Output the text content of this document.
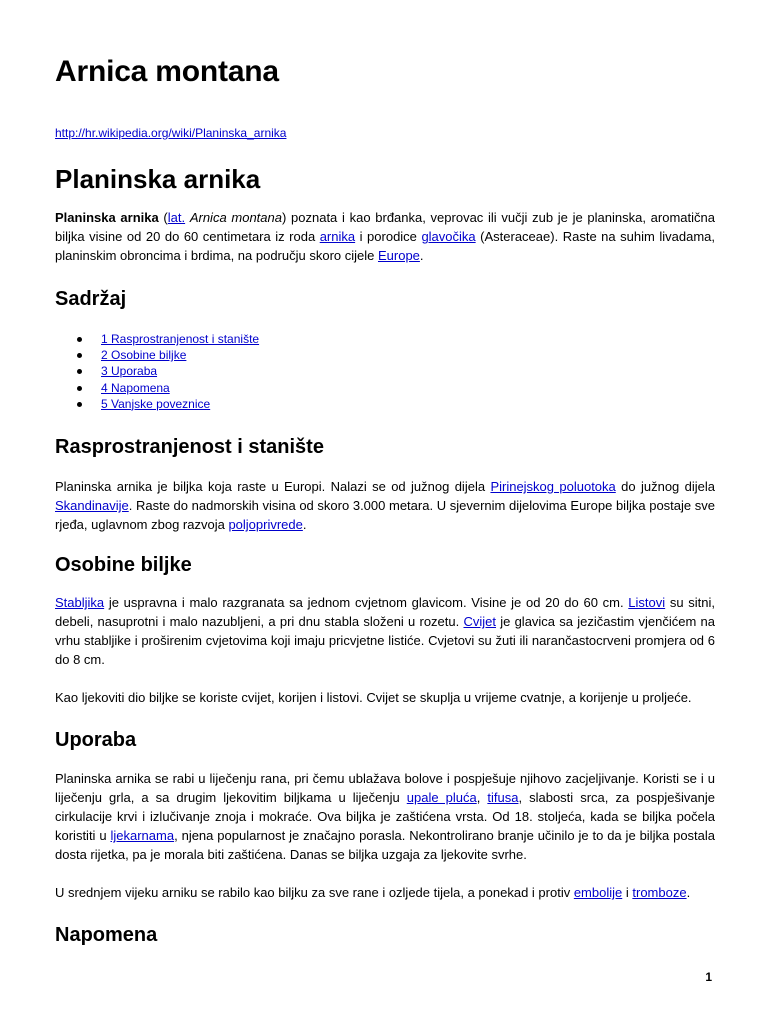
Arnica montana
http://hr.wikipedia.org/wiki/Planinska_arnika
Planinska arnika

Planinska arnika (lat. Arnica montana) poznata i kao brđanka, veprovac ili vučji zub je je planinska, aromatična biljka visine od 20 do 60 centimetara iz roda arnika i porodice glavočika (Asteraceae). Raste na suhim livadama, planinskim obroncima i brdima, na području skoro cijele Europe.

Sadržaj
1 Rasprostranjenost i stanište
2 Osobine biljke
3 Uporaba
4 Napomena
5 Vanjske poveznice
Rasprostranjenost i stanište

Planinska arnika je biljka koja raste u Europi. Nalazi se od južnog dijela Pirinejskog poluotoka do južnog dijela Skandinavije. Raste do nadmorskih visina od skoro 3.000 metara. U sjevernim dijelovima Europe biljka postaje sve rjeđa, uglavnom zbog razvoja poljoprivrede.

Osobine biljke

Stabljika je uspravna i malo razgranata sa jednom cvjetnom glavicom. Visine je od 20 do 60 cm. Listovi su sitni, debeli, nasuprotni i malo nazubljeni, a pri dnu stabla složeni u rozetu. Cvijet je glavica sa jezičastim vjenčićem na vrhu stabljike i proširenim cvjetovima koji imaju pricvjetne listiće. Cvjetovi su žuti ili narančastocrveni promjera od 6 do 8 cm.

Kao ljekoviti dio biljke se koriste cvijet, korijen i listovi. Cvijet se skuplja u vrijeme cvatnje, a korijenje u proljeće.

Uporaba

Planinska arnika se rabi u liječenju rana, pri čemu ublažava bolove i pospješuje njihovo zacjeljivanje. Koristi se i u liječenju grla, a sa drugim ljekovitim biljkama u liječenju upale pluća, tifusa, slabosti srca, za pospješivanje cirkulacije krvi i izlučivanje znoja i mokraće. Ova biljka je zaštićena vrsta. Od 18. stoljeća, kada se biljka počela koristiti u ljekarnama, njena popularnost je značajno porasla. Nekontrolirano branje učinilo je to da je biljka postala dosta rijetka, pa je morala biti zaštićena. Danas se biljka uzgaja za ljekovite svrhe.

U srednjem vijeku arniku se rabilo kao biljku za sve rane i ozljede tijela, a ponekad i protiv embolije i tromboze.

Napomena
1
